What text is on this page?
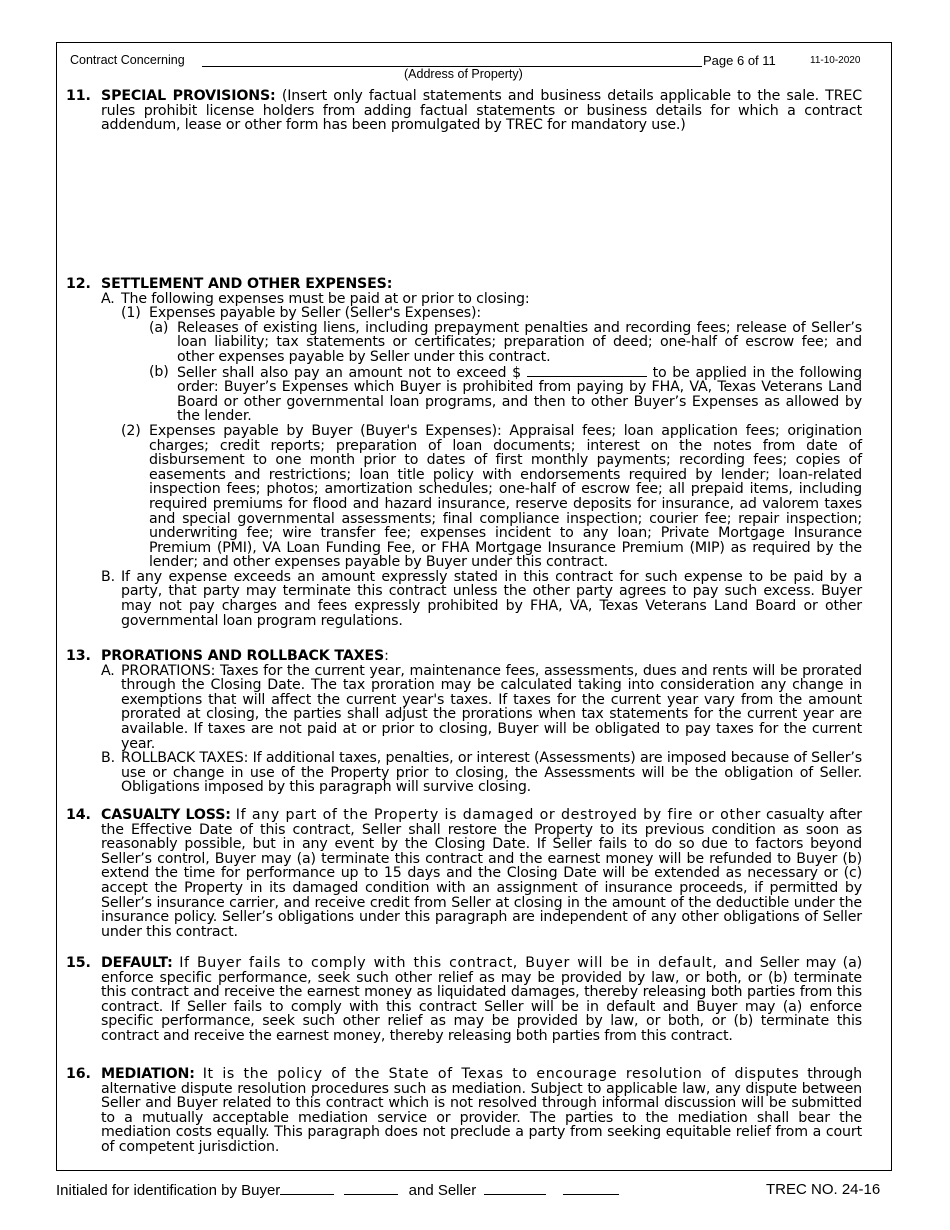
Contract Concerning
(Address of Property)
Page 6 of 11	11-10-2020
11. SPECIAL PROVISIONS: (Insert only factual statements and business details applicable to the sale. TREC rules prohibit license holders from adding factual statements or business details for which a contract addendum, lease or other form has been promulgated by TREC for mandatory use.)
12. SETTLEMENT AND OTHER EXPENSES:
A. The following expenses must be paid at or prior to closing:
(1) Expenses payable by Seller (Seller's Expenses):
(a) Releases of existing liens, including prepayment penalties and recording fees; release of Seller’s loan liability; tax statements or certificates; preparation of deed; one-half of escrow fee; and other expenses payable by Seller under this contract.
(b) Seller shall also pay an amount not to exceed $	to be applied in the following order: Buyer’s Expenses which Buyer is prohibited from paying by FHA, VA, Texas Veterans Land Board or other governmental loan programs, and then to other Buyer’s Expenses as allowed by the lender.
(2) Expenses payable by Buyer (Buyer's Expenses): Appraisal fees; loan application fees; origination charges; credit reports; preparation of loan documents; interest on the notes from date of disbursement to one month prior to dates of first monthly payments; recording fees; copies of easements and restrictions; loan title policy with endorsements required by lender; loan-related inspection fees; photos; amortization schedules; one-half of escrow fee; all prepaid items, including required premiums for flood and hazard insurance, reserve deposits for insurance, ad valorem taxes and special governmental assessments; final compliance inspection; courier fee; repair inspection; underwriting fee; wire transfer fee; expenses incident to any loan; Private Mortgage Insurance Premium (PMI), VA Loan Funding Fee, or FHA Mortgage Insurance Premium (MIP) as required by the lender; and other expenses payable by Buyer under this contract.
B. If any expense exceeds an amount expressly stated in this contract for such expense to be paid by a party, that party may terminate this contract unless the other party agrees to pay such excess. Buyer may not pay charges and fees expressly prohibited by FHA, VA, Texas Veterans Land Board or other governmental loan program regulations.
13. PRORATIONS AND ROLLBACK TAXES:
A. PRORATIONS: Taxes for the current year, maintenance fees, assessments, dues and rents will be prorated through the Closing Date. The tax proration may be calculated taking into consideration any change in exemptions that will affect the current year's taxes. If taxes for the current year vary from the amount prorated at closing, the parties shall adjust the prorations when tax statements for the current year are available. If taxes are not paid at or prior to closing, Buyer will be obligated to pay taxes for the current year.
B. ROLLBACK TAXES: If additional taxes, penalties, or interest (Assessments) are imposed because of Seller’s use or change in use of the Property prior to closing, the Assessments will be the obligation of Seller. Obligations imposed by this paragraph will survive closing.
14. CASUALTY LOSS: If any part of the Property is damaged or destroyed by fire or other casualty after the Effective Date of this contract, Seller shall restore the Property to its previous condition as soon as reasonably possible, but in any event by the Closing Date. If Seller fails to do so due to factors beyond Seller’s control, Buyer may (a) terminate this contract and the earnest money will be refunded to Buyer (b) extend the time for performance up to 15 days and the Closing Date will be extended as necessary or (c) accept the Property in its damaged condition with an assignment of insurance proceeds, if permitted by Seller’s insurance carrier, and receive credit from Seller at closing in the amount of the deductible under the insurance policy. Seller’s obligations under this paragraph are independent of any other obligations of Seller under this contract.
15. DEFAULT: If Buyer fails to comply with this contract, Buyer will be in default, and Seller may (a) enforce specific performance, seek such other relief as may be provided by law, or both, or (b) terminate this contract and receive the earnest money as liquidated damages, thereby releasing both parties from this contract. If Seller fails to comply with this contract Seller will be in default and Buyer may (a) enforce specific performance, seek such other relief as may be provided by law, or both, or (b) terminate this contract and receive the earnest money, thereby releasing both parties from this contract.
16. MEDIATION: It is the policy of the State of Texas to encourage resolution of disputes through alternative dispute resolution procedures such as mediation. Subject to applicable law, any dispute between Seller and Buyer related to this contract which is not resolved through informal discussion will be submitted to a mutually acceptable mediation service or provider. The parties to the mediation shall bear the mediation costs equally. This paragraph does not preclude a party from seeking equitable relief from a court of competent jurisdiction.
Initialed for identification by Buyer	and Seller	TREC NO. 24-16
